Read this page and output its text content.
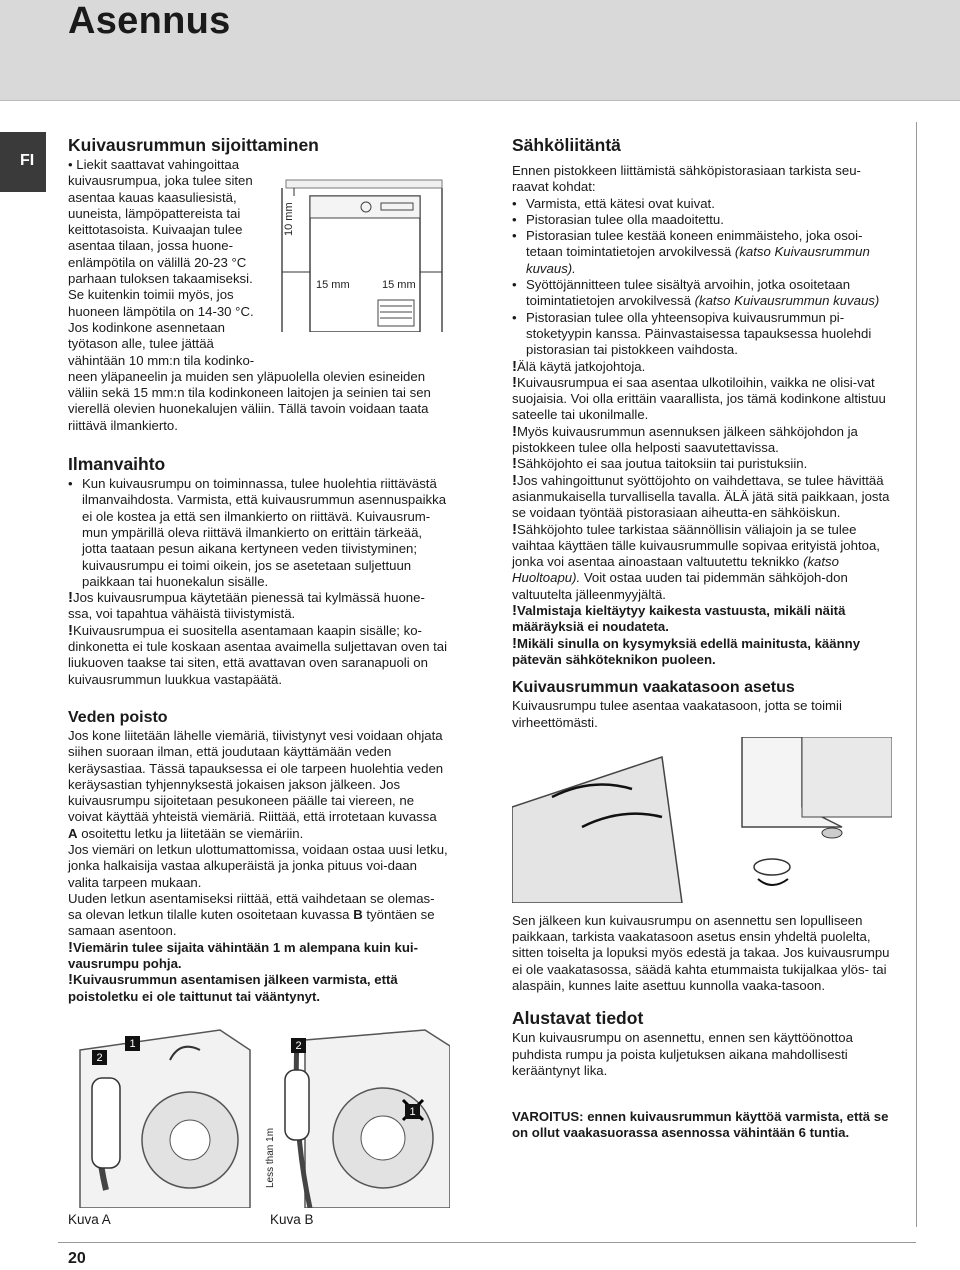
Asennus
FI
20
Kuivausrummun sijoittaminen
• Liekit saattavat vahingoittaa
kuivausrumpua, joka tulee siten
asentaa kauas kaasuliesistä,
uuneista, lämpöpattereista tai
keittotasoista. Kuivaajan tulee
asentaa tilaan, jossa huone-
enlämpötila on välillä 20-23 °C
parhaan tuloksen takaamiseksi.
Se kuitenkin toimii myös, jos
huoneen lämpötila on 14-30 °C.
Jos kodinkone asennetaan
työtason alle, tulee jättää
vähintään 10 mm:n tila kodinko-

neen yläpaneelin ja muiden sen yläpuolella olevien esineiden väliin sekä 15 mm:n tila kodinkoneen laitojen ja seinien tai sen vierellä olevien huonekalujen väliin. Tällä tavoin voidaan taata riittävä ilmankierto.

Ilmanvaihto

• Kun kuivausrumpu on toiminnassa, tulee huolehtia riittävästä ilmanvaihdosta. Varmista, että kuivausrummun asennuspaikka ei ole kostea ja että sen ilmankierto on riittävä. Kuivausrum-mun ympärillä oleva riittävä ilmankierto on erittäin tärkeää, jotta taataan pesun aikana kertyneen veden tiivistyminen; kuivausrumpu ei toimi oikein, jos se asetetaan suljettuun paikkaan tai huonekalun sisälle.

!Jos kuivausrumpua käytetään pienessä tai kylmässä huone-ssa, voi tapahtua vähäistä tiivistymistä.

!Kuivausrumpua ei suositella asentamaan kaapin sisälle; ko-dinkonetta ei tule koskaan asentaa avaimella suljettavan oven tai liukuoven taakse tai siten, että avattavan oven saranapuoli on kuivausrummun luukkua vastapäätä.

Veden poisto

Jos kone liitetään lähelle viemäriä, tiivistynyt vesi voidaan ohjata siihen suoraan ilman, että joudutaan käyttämään veden keräysastiaa. Tässä tapauksessa ei ole tarpeen huolehtia veden keräysastian tyhjennyksestä jokaisen jakson jälkeen. Jos kuivausrumpu sijoitetaan pesukoneen päälle tai viereen, ne voivat käyttää yhteistä viemäriä. Riittää, että irrotetaan kuvassa A osoitettu letku ja liitetään se viemäriin.

Jos viemäri on letkun ulottumattomissa, voidaan ostaa uusi letku, jonka halkaisija vastaa alkuperäistä ja jonka pituus voi-daan valita tarpeen mukaan.

Uuden letkun asentamiseksi riittää, että vaihdetaan se olemas-sa olevan letkun tilalle kuten osoitetaan kuvassa B työntäen se samaan asentoon.

!Viemärin tulee sijaita vähintään 1 m alempana kuin kui-vausrumpu pohja.

!Kuivausrummun asentamisen jälkeen varmista, että poistoletku ei ole taittunut tai vääntynyt.

10 mm
15 mm	15 mm
1
2
Kuva A
Less than 1m
2
1
Kuva B
Sähköliitäntä

Ennen pistokkeen liittämistä sähköpistorasiaan tarkista seu-raavat kohdat:

• Varmista, että kätesi ovat kuivat.

• Pistorasian tulee olla maadoitettu.

• Pistorasian tulee kestää koneen enimmäisteho, joka osoi-tetaan toimintatietojen arvokilvessä (katso Kuivausrummun kuvaus).

• Syöttöjännitteen tulee sisältyä arvoihin, jotka osoitetaan toimintatietojen arvokilvessä (katso Kuivausrummun kuvaus)

• Pistorasian tulee olla yhteensopiva kuivausrummun pi-stoketyypin kanssa. Päinvastaisessa tapauksessa huolehdi pistorasian tai pistokkeen vaihdosta.

!Älä käytä jatkojohtoja.

!Kuivausrumpua ei saa asentaa ulkotiloihin, vaikka ne olisi-vat suojaisia. Voi olla erittäin vaarallista, jos tämä kodinkone altistuu sateelle tai ukonilmalle.

!Myös kuivausrummun asennuksen jälkeen sähköjohdon ja pistokkeen tulee olla helposti saavutettavissa.

!Sähköjohto ei saa joutua taitoksiin tai puristuksiin.

!Jos vahingoittunut syöttöjohto on vaihdettava, se tulee hävittää asianmukaisella turvallisella tavalla. ÄLÄ jätä sitä paikkaan, josta se voidaan työntää pistorasiaan aiheutta-en sähköiskun.

!Sähköjohto tulee tarkistaa säännöllisin väliajoin ja se tulee vaihtaa käyttäen tälle kuivausrummulle sopivaa erityistä johtoa, jonka voi asentaa ainoastaan valtuutettu teknikko (katso Huoltoapu). Voit ostaa uuden tai pidemmän sähköjoh-don valtuutelta jälleenmyyjältä.

!Valmistaja kieltäytyy kaikesta vastuusta, mikäli näitä määräyksiä ei noudateta.

!Mikäli sinulla on kysymyksiä edellä mainitusta, käänny pätevän sähköteknikon puoleen.

Kuivausrummun vaakatasoon asetus

Kuivausrumpu tulee asentaa vaakatasoon, jotta se toimii virheettömästi.

Sen jälkeen kun kuivausrumpu on asennettu sen lopulliseen paikkaan, tarkista vaakatasoon asetus ensin yhdeltä puolelta, sitten toiselta ja lopuksi myös edestä ja takaa. Jos kuivausrumpu ei ole vaakatasossa, säädä kahta etummaista tukijalkaa ylös- tai alaspäin, kunnes laite asettuu kunnolla vaaka-tasoon.

Alustavat tiedot

Kun kuivausrumpu on asennettu, ennen sen käyttöönottoa puhdista rumpu ja poista kuljetuksen aikana mahdollisesti kerääntynyt lika.

VAROITUS: ennen kuivausrummun käyttöä varmista, että se on ollut vaakasuorassa asennossa vähintään 6 tuntia.
